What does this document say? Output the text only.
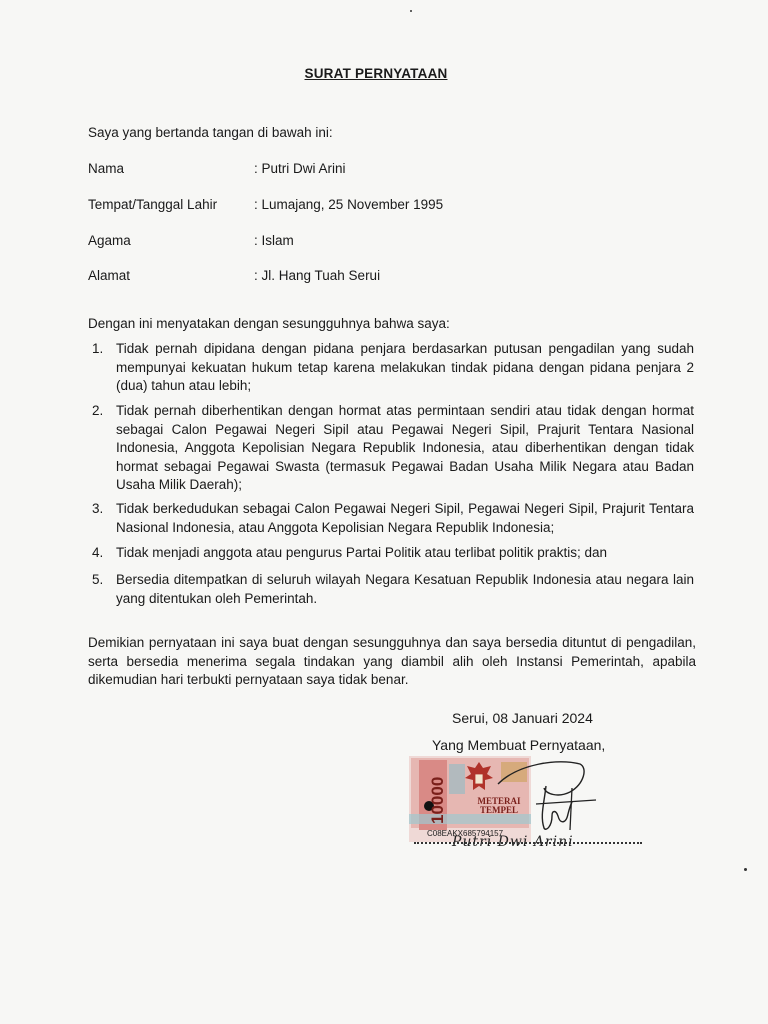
SURAT PERNYATAAN
Saya yang bertanda tangan di bawah ini:
Nama	: Putri Dwi Arini
Tempat/Tanggal Lahir	: Lumajang, 25 November 1995
Agama	: Islam
Alamat	: Jl. Hang Tuah Serui
Dengan ini menyatakan dengan sesungguhnya bahwa saya:
1. Tidak pernah dipidana dengan pidana penjara berdasarkan putusan pengadilan yang sudah mempunyai kekuatan hukum tetap karena melakukan tindak pidana dengan pidana penjara 2 (dua) tahun atau lebih;
2. Tidak pernah diberhentikan dengan hormat atas permintaan sendiri atau tidak dengan hormat sebagai Calon Pegawai Negeri Sipil atau Pegawai Negeri Sipil, Prajurit Tentara Nasional Indonesia, Anggota Kepolisian Negara Republik Indonesia, atau diberhentikan dengan tidak hormat sebagai Pegawai Swasta (termasuk Pegawai Badan Usaha Milik Negara atau Badan Usaha Milik Daerah);
3. Tidak berkedudukan sebagai Calon Pegawai Negeri Sipil, Pegawai Negeri Sipil, Prajurit Tentara Nasional Indonesia, atau Anggota Kepolisian Negara Republik Indonesia;
4. Tidak menjadi anggota atau pengurus Partai Politik atau terlibat politik praktis; dan
5. Bersedia ditempatkan di seluruh wilayah Negara Kesatuan Republik Indonesia atau negara lain yang ditentukan oleh Pemerintah.
Demikian pernyataan ini saya buat dengan sesungguhnya dan saya bersedia dituntut di pengadilan, serta bersedia menerima segala tindakan yang diambil alih oleh Instansi Pemerintah, apabila dikemudian hari terbukti pernyataan saya tidak benar.
Serui, 08 Januari 2024
Yang Membuat Pernyataan,
10000	METERAI
TEMPEL
C08EAKX685794157
Putri Dwi Arini
